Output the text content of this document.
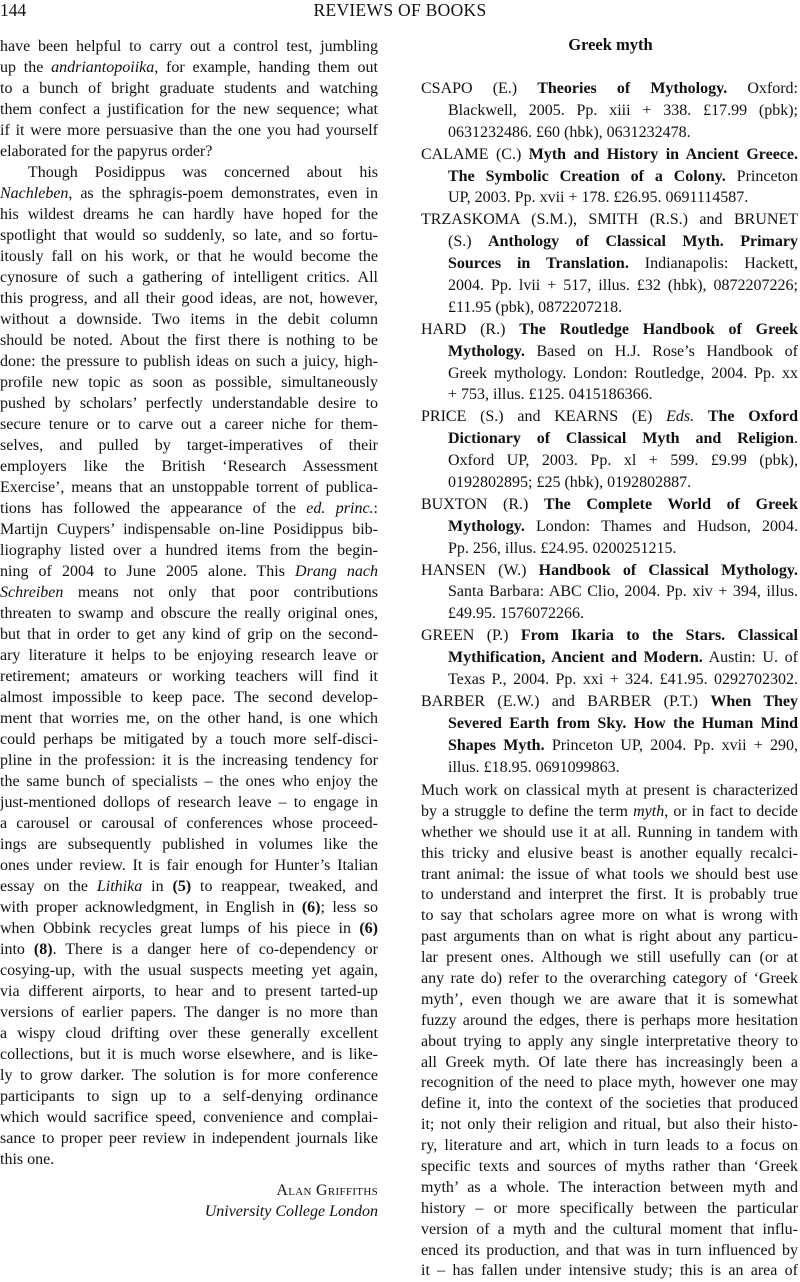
144	REVIEWS OF BOOKS
have been helpful to carry out a control test, jumbling
up the andriantopoiika, for example, handing them out
to a bunch of bright graduate students and watching
them confect a justification for the new sequence; what
if it were more persuasive than the one you had yourself
elaborated for the papyrus order?
Though Posidippus was concerned about his
Nachleben, as the sphragis-poem demonstrates, even in
his wildest dreams he can hardly have hoped for the
spotlight that would so suddenly, so late, and so fortu-
itously fall on his work, or that he would become the
cynosure of such a gathering of intelligent critics. All
this progress, and all their good ideas, are not, however,
without a downside. Two items in the debit column
should be noted. About the first there is nothing to be
done: the pressure to publish ideas on such a juicy, high-
profile new topic as soon as possible, simultaneously
pushed by scholars’ perfectly understandable desire to
secure tenure or to carve out a career niche for them-
selves, and pulled by target-imperatives of their
employers like the British ‘Research Assessment
Exercise’, means that an unstoppable torrent of publica-
tions has followed the appearance of the ed. princ.:
Martijn Cuypers’ indispensable on-line Posidippus bib-
liography listed over a hundred items from the begin-
ning of 2004 to June 2005 alone. This Drang nach
Schreiben means not only that poor contributions
threaten to swamp and obscure the really original ones,
but that in order to get any kind of grip on the second-
ary literature it helps to be enjoying research leave or
retirement; amateurs or working teachers will find it
almost impossible to keep pace. The second develop-
ment that worries me, on the other hand, is one which
could perhaps be mitigated by a touch more self-disci-
pline in the profession: it is the increasing tendency for
the same bunch of specialists – the ones who enjoy the
just-mentioned dollops of research leave – to engage in
a carousel or carousal of conferences whose proceed-
ings are subsequently published in volumes like the
ones under review. It is fair enough for Hunter’s Italian
essay on the Lithika in (5) to reappear, tweaked, and
with proper acknowledgment, in English in (6); less so
when Obbink recycles great lumps of his piece in (6)
into (8). There is a danger here of co-dependency or
cosying-up, with the usual suspects meeting yet again,
via different airports, to hear and to present tarted-up
versions of earlier papers. The danger is no more than
a wispy cloud drifting over these generally excellent
collections, but it is much worse elsewhere, and is like-
ly to grow darker. The solution is for more conference
participants to sign up to a self-denying ordinance
which would sacrifice speed, convenience and complai-
sance to proper peer review in independent journals like
this one.
Alan Griffiths
University College London
Greek myth
CSAPO (E.) Theories of Mythology. Oxford:
Blackwell, 2005. Pp. xiii + 338. £17.99 (pbk);
0631232486. £60 (hbk), 0631232478.
CALAME (C.) Myth and History in Ancient Greece.
The Symbolic Creation of a Colony. Princeton
UP, 2003. Pp. xvii + 178. £26.95. 0691114587.
TRZASKOMA (S.M.), SMITH (R.S.) and BRUNET
(S.) Anthology of Classical Myth. Primary
Sources in Translation. Indianapolis: Hackett,
2004. Pp. lvii + 517, illus. £32 (hbk), 0872207226;
£11.95 (pbk), 0872207218.
HARD (R.) The Routledge Handbook of Greek
Mythology. Based on H.J. Rose’s Handbook of
Greek mythology. London: Routledge, 2004. Pp. xx
+ 753, illus. £125. 0415186366.
PRICE (S.) and KEARNS (E) Eds. The Oxford
Dictionary of Classical Myth and Religion.
Oxford UP, 2003. Pp. xl + 599. £9.99 (pbk),
0192802895; £25 (hbk), 0192802887.
BUXTON (R.) The Complete World of Greek
Mythology. London: Thames and Hudson, 2004.
Pp. 256, illus. £24.95. 0200251215.
HANSEN (W.) Handbook of Classical Mythology.
Santa Barbara: ABC Clio, 2004. Pp. xiv + 394, illus.
£49.95. 1576072266.
GREEN (P.) From Ikaria to the Stars. Classical
Mythification, Ancient and Modern. Austin: U. of
Texas P., 2004. Pp. xxi + 324. £41.95. 0292702302.
BARBER (E.W.) and BARBER (P.T.) When They
Severed Earth from Sky. How the Human Mind
Shapes Myth. Princeton UP, 2004. Pp. xvii + 290,
illus. £18.95. 0691099863.
Much work on classical myth at present is characterized
by a struggle to define the term myth, or in fact to decide
whether we should use it at all. Running in tandem with
this tricky and elusive beast is another equally recalci-
trant animal: the issue of what tools we should best use
to understand and interpret the first. It is probably true
to say that scholars agree more on what is wrong with
past arguments than on what is right about any particu-
lar present ones. Although we still usefully can (or at
any rate do) refer to the overarching category of ‘Greek
myth’, even though we are aware that it is somewhat
fuzzy around the edges, there is perhaps more hesitation
about trying to apply any single interpretative theory to
all Greek myth. Of late there has increasingly been a
recognition of the need to place myth, however one may
define it, into the context of the societies that produced
it; not only their religion and ritual, but also their histo-
ry, literature and art, which in turn leads to a focus on
specific texts and sources of myths rather than ‘Greek
myth’ as a whole. The interaction between myth and
history – or more specifically between the particular
version of a myth and the cultural moment that influ-
enced its production, and that was in turn influenced by
it – has fallen under intensive study; this is an area of
